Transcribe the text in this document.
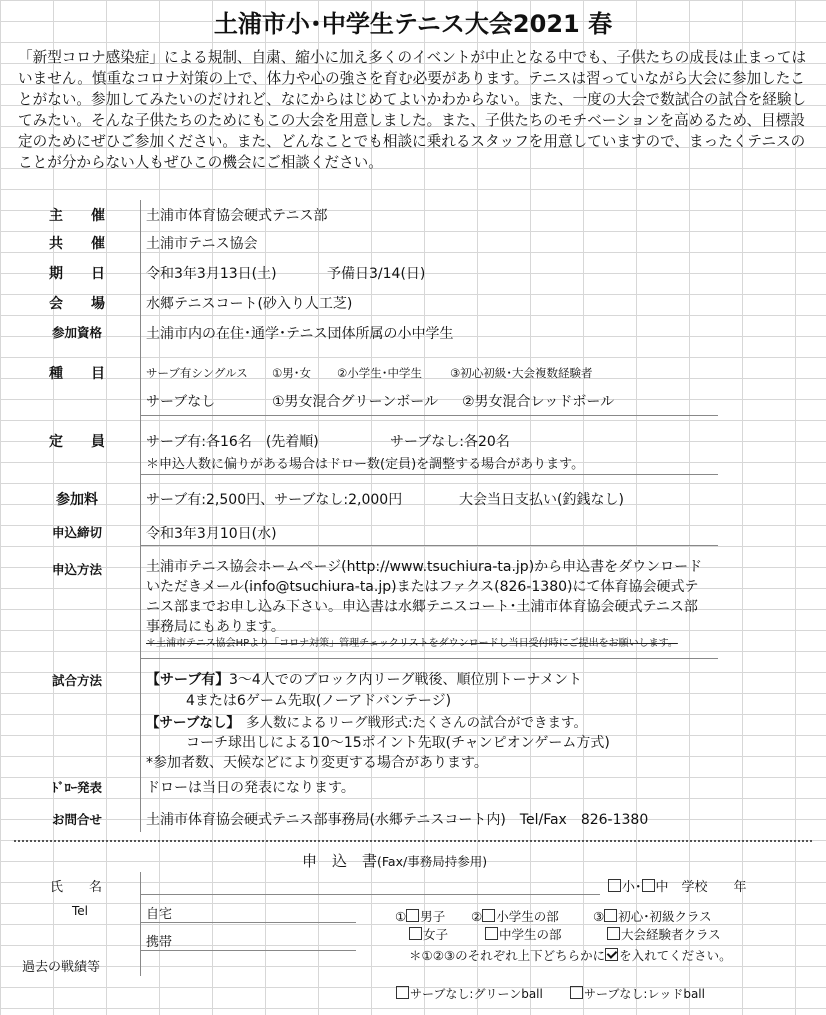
土浦市小･中学生テニス大会2021 春
「新型コロナ感染症」による規制、自粛、縮小に加え多くのイベントが中止となる中でも、子供たちの成長は止まってはいません。慎重なコロナ対策の上で、体力や心の強さを育む必要があります。テニスは習っていながら大会に参加したことがない。参加してみたいのだけれど、なにからはじめてよいかわからない。また、一度の大会で数試合の試合を経験してみたい。そんな子供たちのためにもこの大会を用意しました。また、子供たちのモチベーションを高めるため、目標設定のためにぜひご参加ください。また、どんなことでも相談に乗れるスタッフを用意していますので、まったくテニスのことが分からない人もぜひこの機会にご相談ください。
主　　催	土浦市体育協会硬式テニス部
共　　催	土浦市テニス協会
期　　日	令和3年3月13日(土)	予備日3/14(日)
会　　場	水郷テニスコート(砂入り人工芝)
参加資格	土浦市内の在住･通学･テニス団体所属の小中学生
種　　目	サーブ有シングルス ①男･女 ②小学生･中学生 ③初心初級･大会複数経験者
サーブなし	①男女混合グリーンボール ②男女混合レッドボール
定　　員	サーブ有:各16名　(先着順)	サーブなし:各20名
＊申込人数に偏りがある場合はドロー数(定員)を調整する場合があります。
参加料	サーブ有:2,500円、サーブなし:2,000円	大会当日支払い(釣銭なし)
申込締切	令和3年3月10日(水)
申込方法	土浦市テニス協会ホームページ(http://www.tsuchiura-ta.jp)から申込書をダウンロード
いただきメール(info@tsuchiura-ta.jp)またはファクス(826-1380)にて体育協会硬式テ
ニス部までお申し込み下さい。申込書は水郷テニスコート･土浦市体育協会硬式テニス部
事務局にもあります。
＊土浦市テニス協会HPより「コロナ対策」管理チェックリストをダウンロードし当日受付時にご提出をお願いします。
試合方法	【サーブ有】 3～4人でのブロック内リーグ戦後、順位別トーナメント
4または6ゲーム先取(ノーアドバンテージ)
【サーブなし】 多人数によるリーグ戦形式:たくさんの試合ができます。
コーチ球出しによる10～15ポイント先取(チャンピオンゲーム方式)
*参加者数、天候などにより変更する場合があります。
ﾄﾞﾛｰ発表	ドローは当日の発表になります。
お問合せ	土浦市体育協会硬式テニス部事務局(水郷テニスコート内)　Tel/Fax　826-1380
申　込　書(Fax/事務局持参用)
氏　　名	小･ 中　学校　　年
Tel	自宅
携帯
過去の戦績等
① 男子
女子
② 小学生の部
中学生の部
③ 初心･初級クラス
大会経験者クラス
＊①②③のそれぞれ上下どちらかに を入れてください。
サーブなし:グリーンball	サーブなし:レッドball
